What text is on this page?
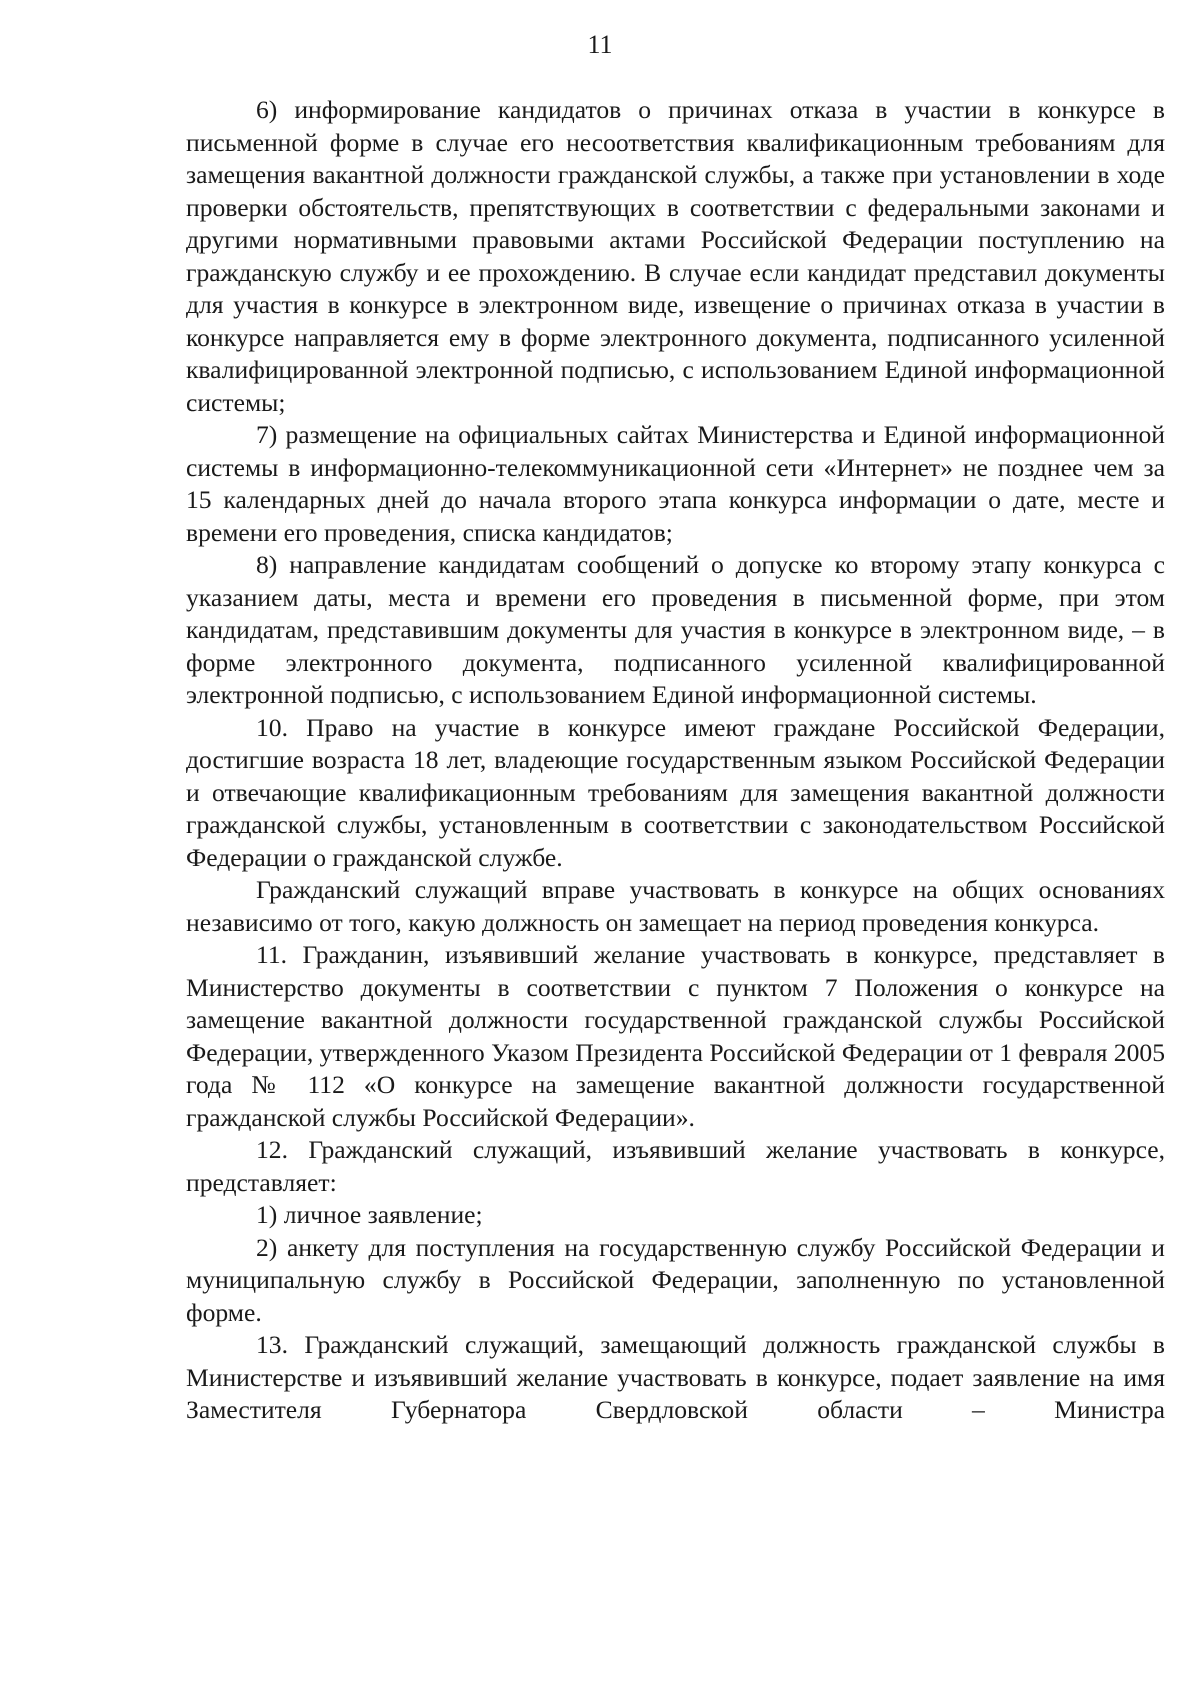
11

6) информирование кандидатов о причинах отказа в участии в конкурсе в письменной форме в случае его несоответствия квалификационным требованиям для замещения вакантной должности гражданской службы, а также при установлении в ходе проверки обстоятельств, препятствующих в соответствии с федеральными законами и другими нормативными правовыми актами Российской Федерации поступлению на гражданскую службу и ее прохождению. В случае если кандидат представил документы для участия в конкурсе в электронном виде, извещение о причинах отказа в участии в конкурсе направляется ему в форме электронного документа, подписанного усиленной квалифицированной электронной подписью, с использованием Единой информационной системы;

7) размещение на официальных сайтах Министерства и Единой информационной системы в информационно-телекоммуникационной сети «Интернет» не позднее чем за 15 календарных дней до начала второго этапа конкурса информации о дате, месте и времени его проведения, списка кандидатов;

8) направление кандидатам сообщений о допуске ко второму этапу конкурса с указанием даты, места и времени его проведения в письменной форме, при этом кандидатам, представившим документы для участия в конкурсе в электронном виде, – в форме электронного документа, подписанного усиленной квалифицированной электронной подписью, с использованием Единой информационной системы.

10. Право на участие в конкурсе имеют граждане Российской Федерации, достигшие возраста 18 лет, владеющие государственным языком Российской Федерации и отвечающие квалификационным требованиям для замещения вакантной должности гражданской службы, установленным в соответствии с законодательством Российской Федерации о гражданской службе.

Гражданский служащий вправе участвовать в конкурсе на общих основаниях независимо от того, какую должность он замещает на период проведения конкурса.

11. Гражданин, изъявивший желание участвовать в конкурсе, представляет в Министерство документы в соответствии с пунктом 7 Положения о конкурсе на замещение вакантной должности государственной гражданской службы Российской Федерации, утвержденного Указом Президента Российской Федерации от 1 февраля 2005 года № 112 «О конкурсе на замещение вакантной должности государственной гражданской службы Российской Федерации».

12. Гражданский служащий, изъявивший желание участвовать в конкурсе, представляет:

1) личное заявление;

2) анкету для поступления на государственную службу Российской Федерации и муниципальную службу в Российской Федерации, заполненную по установленной форме.

13. Гражданский служащий, замещающий должность гражданской службы в Министерстве и изъявивший желание участвовать в конкурсе, подает заявление на имя Заместителя Губернатора Свердловской области – Министра
